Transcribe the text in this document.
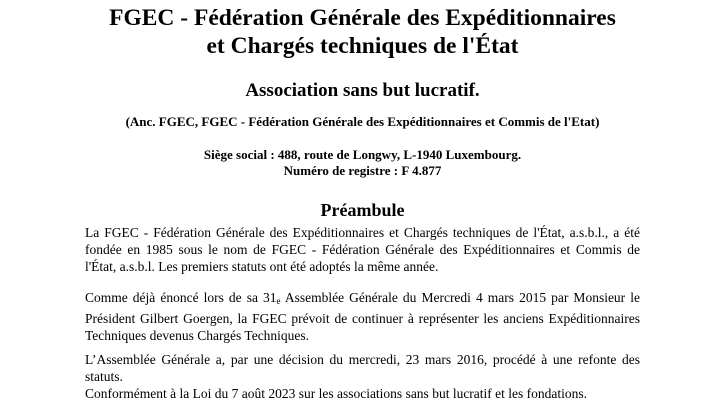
FGEC - Fédération Générale des Expéditionnaires
et Chargés techniques de l'État
Association sans but lucratif.
(Anc. FGEC, FGEC - Fédération Générale des Expéditionnaires et Commis de l'Etat)
Siège social : 488, route de Longwy, L-1940 Luxembourg.
Numéro de registre : F 4.877
Préambule
La FGEC - Fédération Générale des Expéditionnaires et Chargés techniques de l'État, a.s.b.l., a été fondée en 1985 sous le nom de FGEC - Fédération Générale des Expéditionnaires et Commis de l'État, a.s.b.l. Les premiers statuts ont été adoptés la même année.
Comme déjà énoncé lors de sa 31e Assemblée Générale du Mercredi 4 mars 2015 par Monsieur le Président Gilbert Goergen, la FGEC prévoit de continuer à représenter les anciens Expéditionnaires Techniques devenus Chargés Techniques.
L’Assemblée Générale a, par une décision du mercredi, 23 mars 2016, procédé à une refonte des statuts.
Conformément à la Loi du 7 août 2023 sur les associations sans but lucratif et les fondations.
